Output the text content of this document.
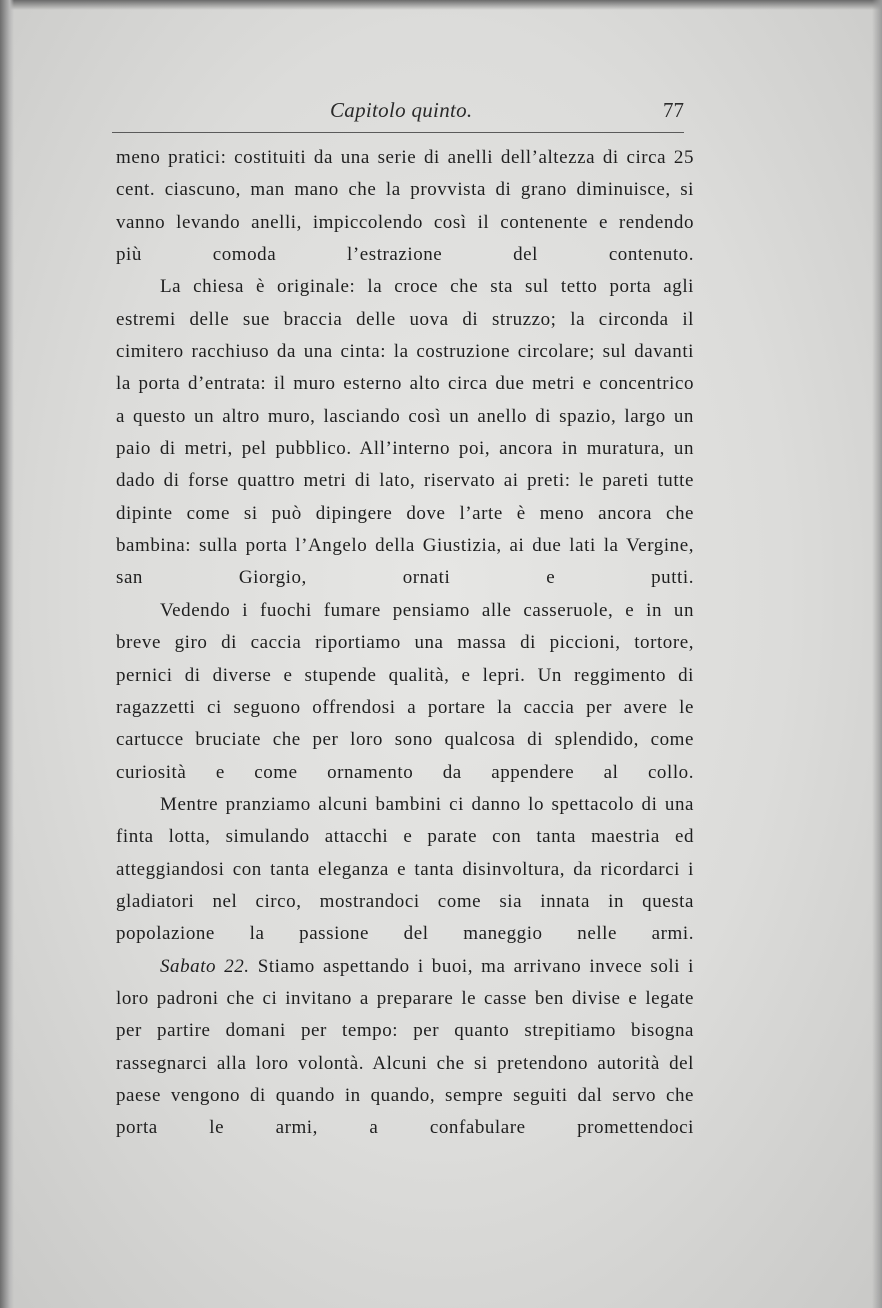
Capitolo quinto.	77

meno pratici: costituiti da una serie di anelli dell’altezza di circa 25 cent. ciascuno, man mano che la provvista di grano diminuisce, si vanno levando anelli, impiccolendo così il contenente e rendendo più comoda l’estrazione del contenuto.

La chiesa è originale: la croce che sta sul tetto porta agli estremi delle sue braccia delle uova di struzzo; la circonda il cimitero racchiuso da una cinta: la costruzione circolare; sul davanti la porta d’entrata: il muro esterno alto circa due metri e concentrico a questo un altro muro, lasciando così un anello di spazio, largo un paio di metri, pel pubblico. All’interno poi, ancora in muratura, un dado di forse quattro metri di lato, riservato ai preti: le pareti tutte dipinte come si può dipingere dove l’arte è meno ancora che bambina: sulla porta l’Angelo della Giustizia, ai due lati la Vergine, san Giorgio, ornati e putti.

Vedendo i fuochi fumare pensiamo alle casseruole, e in un breve giro di caccia riportiamo una massa di piccioni, tortore, pernici di diverse e stupende qualità, e lepri. Un reggimento di ragazzetti ci seguono offrendosi a portare la caccia per avere le cartucce bruciate che per loro sono qualcosa di splendido, come curiosità e come ornamento da appendere al collo.

Mentre pranziamo alcuni bambini ci danno lo spettacolo di una finta lotta, simulando attacchi e parate con tanta maestria ed atteggiandosi con tanta eleganza e tanta disinvoltura, da ricordarci i gladiatori nel circo, mostrandoci come sia innata in questa popolazione la passione del maneggio nelle armi.

Sabato 22. Stiamo aspettando i buoi, ma arrivano invece soli i loro padroni che ci invitano a preparare le casse ben divise e legate per partire domani per tempo: per quanto strepitiamo bisogna rassegnarci alla loro volontà. Alcuni che si pretendono autorità del paese vengono di quando in quando, sempre seguiti dal servo che porta le armi, a confabulare promettendoci
